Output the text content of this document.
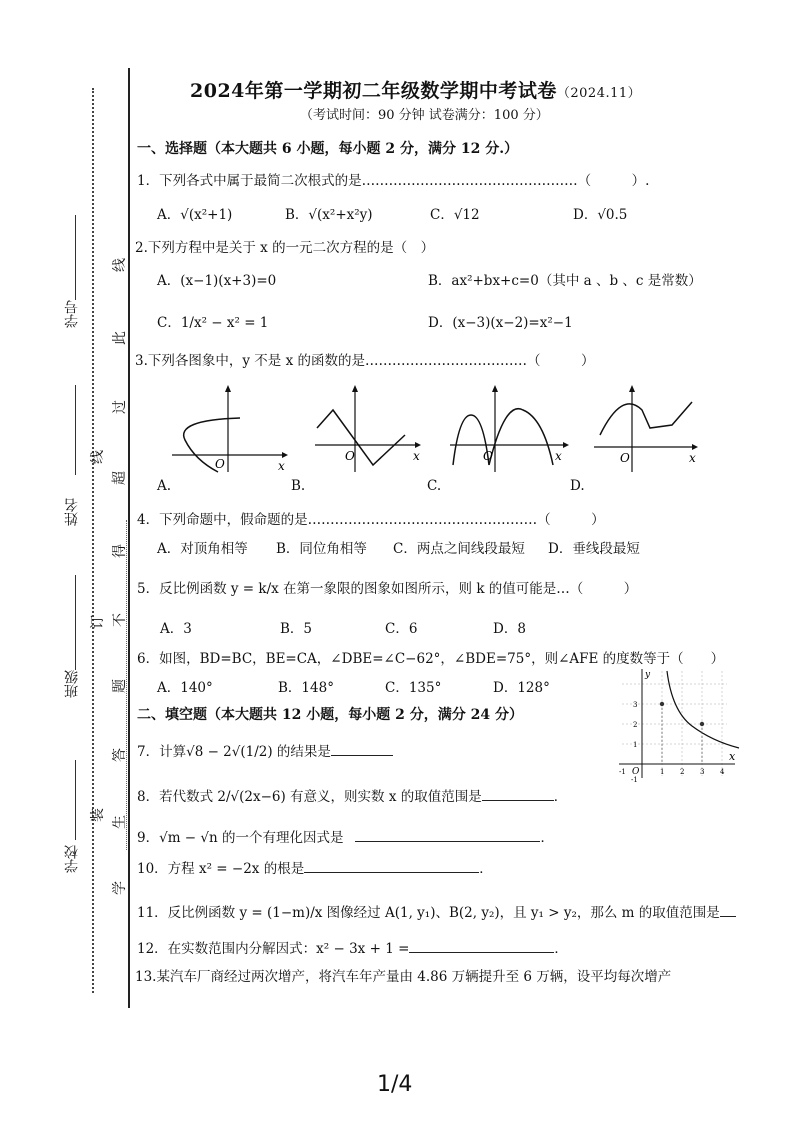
学号
姓名
班级
学校
线
订
装
线
此
过
超
得
不
题
答
生
学
2024年第一学期初二年级数学期中考试卷（2024.11）
（考试时间：90 分钟 试卷满分：100 分）
一、选择题（本大题共 6 小题，每小题 2 分，满分 12 分.）
1．下列各式中属于最简二次根式的是…………………………………………（　　　）.
A．√(x²+1)	B．√(x²+x²y)	C．√12	D．√0.5
2.下列方程中是关于 x 的一元二次方程的是（　）
A．(x−1)(x+3)=0	B．ax²+bx+c=0（其中 a 、b 、c 是常数）
C．1/x² − x² = 1	D．(x−3)(x−2)=x²−1
3.下列各图象中，y 不是 x 的函数的是………………………………（　　　）
O	x
A.
O	x
B.
O	x
C.
O	x
D.
4．下列命题中，假命题的是……………………………………………（　　　）
A．对顶角相等 B．同位角相等 C．两点之间线段最短 D．垂线段最短
5．反比例函数 y = k/x 在第一象限的图象如图所示，则 k 的值可能是…（　　　）
A．3	B．5	C．6	D．8
6．如图，BD=BC，BE=CA，∠DBE=∠C−62°，∠BDE=75°，则∠AFE 的度数等于（　　）
A．140°	B．148°	C．135°	D．128°
y
x
O
-1	1 2 3 4
3
2
1
-1
二、填空题（本大题共 12 小题，每小题 2 分，满分 24 分）
7．计算√8 − 2√(1/2) 的结果是
8．若代数式 2/√(2x−6) 有意义，则实数 x 的取值范围是	．
9．√m − √n 的一个有理化因式是	．
10．方程 x² = −2x 的根是	．
11．反比例函数 y = (1−m)/x 图像经过 A(1, y₁)、B(2, y₂)，且 y₁ > y₂，那么 m 的取值范围是
12．在实数范围内分解因式：x² − 3x + 1 =	．
13.某汽车厂商经过两次增产，将汽车年产量由 4.86 万辆提升至 6 万辆，设平均每次增产
1/4
